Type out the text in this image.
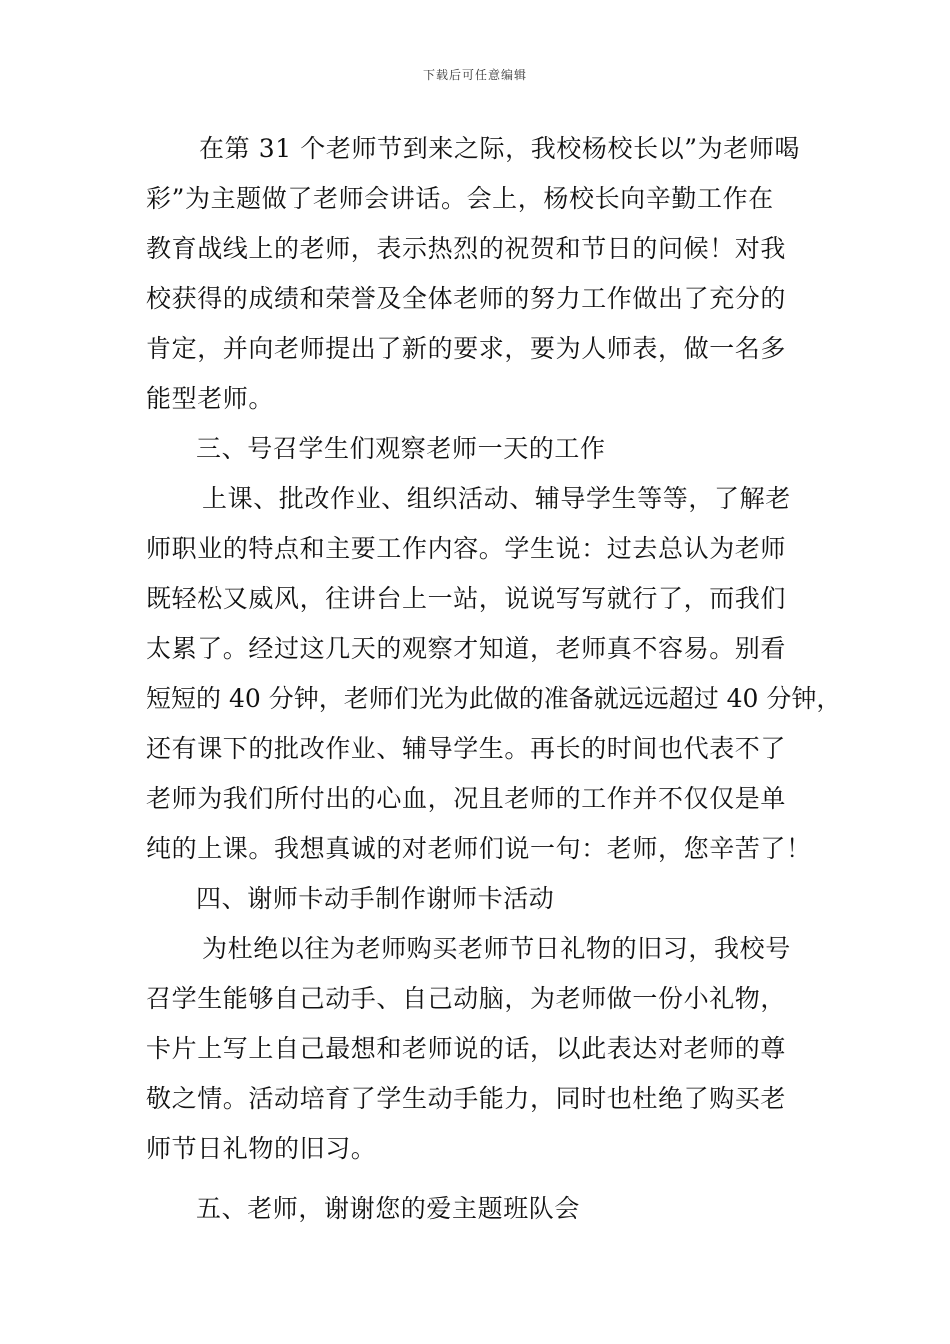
下载后可任意编辑
在第 31 个老师节到来之际，我校杨校长以”为老师喝
彩”为主题做了老师会讲话。会上，杨校长向辛勤工作在
教育战线上的老师，表示热烈的祝贺和节日的问候！对我
校获得的成绩和荣誉及全体老师的努力工作做出了充分的
肯定，并向老师提出了新的要求，要为人师表，做一名多
能型老师。
三、号召学生们观察老师一天的工作
上课、批改作业、组织活动、辅导学生等等，了解老
师职业的特点和主要工作内容。学生说：过去总认为老师
既轻松又威风，往讲台上一站，说说写写就行了，而我们
太累了。经过这几天的观察才知道，老师真不容易。别看
短短的 40 分钟，老师们光为此做的准备就远远超过 40 分钟，
还有课下的批改作业、辅导学生。再长的时间也代表不了
老师为我们所付出的心血，况且老师的工作并不仅仅是单
纯的上课。我想真诚的对老师们说一句：老师，您辛苦了！
四、谢师卡动手制作谢师卡活动
为杜绝以往为老师购买老师节日礼物的旧习，我校号
召学生能够自己动手、自己动脑，为老师做一份小礼物，
卡片上写上自己最想和老师说的话，以此表达对老师的尊
敬之情。活动培育了学生动手能力，同时也杜绝了购买老
师节日礼物的旧习。
五、老师，谢谢您的爱主题班队会
